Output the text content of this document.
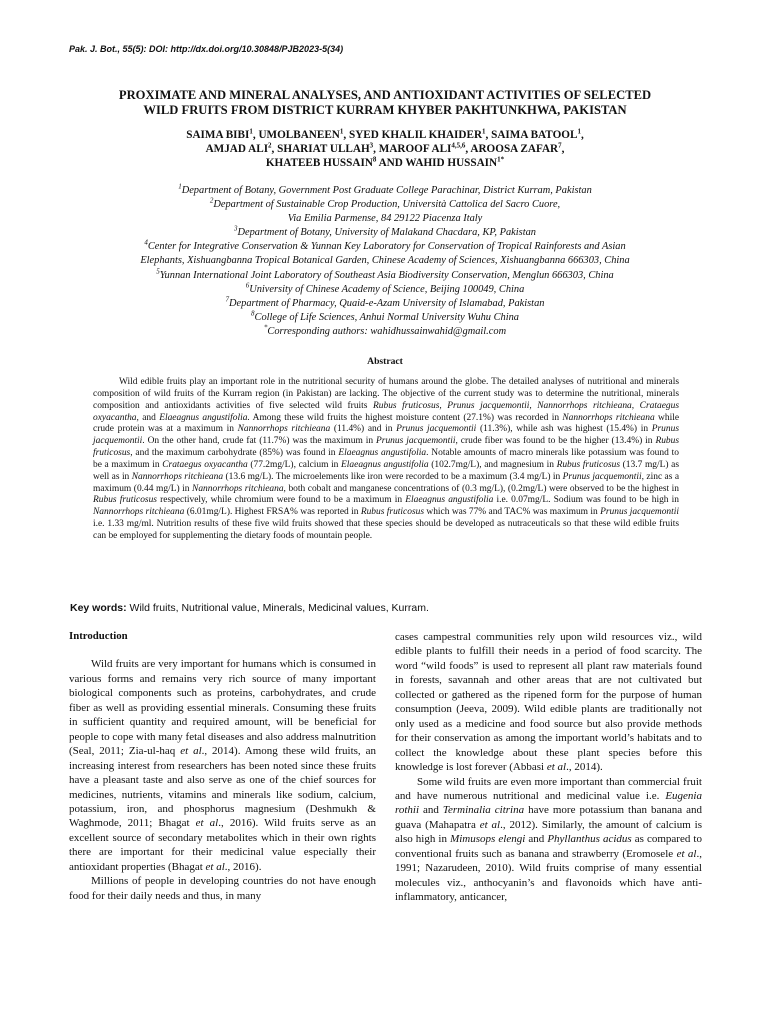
Pak. J. Bot., 55(5): DOI: http://dx.doi.org/10.30848/PJB2023-5(34)
PROXIMATE AND MINERAL ANALYSES, AND ANTIOXIDANT ACTIVITIES OF SELECTED
WILD FRUITS FROM DISTRICT KURRAM KHYBER PAKHTUNKHWA, PAKISTAN
SAIMA BIBI$^1$, UMOLBANEEN$^1$, SYED KHALIL KHAIDER$^1$, SAIMA BATOOL$^1$,
AMJAD ALI$^2$, SHARIAT ULLAH$^3$, MAROOF ALI$^{4,5,6}$, AROOSA ZAFAR$^7$,
KHATEEB HUSSAIN$^8$ AND WAHID $HUSSAIN^{1*}$
$^1$Department of Botany, Government Post Graduate College Parachinar, District Kurram, Pakistan
$^2$Department of Sustainable Crop Production, Università Cattolica del Sacro Cuore,
Via Emilia Parmense, 84 29122 Piacenza Italy
$^3$Department of Botany, University of Malakand Chacdara, KP, Pakistan
$^4$Center for Integrative Conservation & Yunnan Key Laboratory for Conservation of Tropical Rainforests and Asian
Elephants, Xishuangbanna Tropical Botanical Garden, Chinese Academy of Sciences, Xishuangbanna 666303, China
$^5$Yunnan International Joint Laboratory of Southeast Asia Biodiversity Conservation, Menglun 666303, China
$^6$University of Chinese Academy of Science, Beijing 100049, China
$^7$Department of Pharmacy, Quaid-e-Azam University of Islamabad, Pakistan
$^8$College of Life Sciences, Anhui Normal University Wuhu China
*Corresponding authors: wahidhussainwahid@gmail.com
Abstract

Wild edible fruits play an important role in the nutritional security of humans around the globe. The detailed analyses of nutritional and minerals composition of wild fruits of the Kurram region (in Pakistan) are lacking. The objective of the current study was to determine the nutritional, minerals composition and antioxidants activities of five selected wild fruits Rubus fruticosus, Prunus jacquemontii, Nannorrhops ritchieana, Crataegus oxyacantha, and Elaeagnus angustifolia. Among these wild fruits the highest moisture content (27.1%) was recorded in Nannorrhops ritchieana while crude protein was at a maximum in Nannorrhops ritchieana (11.4%) and in Prunus jacquemontii (11.3%), while ash was highest (15.4%) in Prunus jacquemontii. On the other hand, crude fat (11.7%) was the maximum in Prunus jacquemontii, crude fiber was found to be the higher (13.4%) in Rubus fruticosus, and the maximum carbohydrate (85%) was found in Elaeagnus angustifolia. Notable amounts of macro minerals like potassium was found to be a maximum in Crataegus oxyacantha (77.2mg/L), calcium in Elaeagnus angustifolia (102.7mg/L), and magnesium in Rubus fruticosus (13.7 mg/L) as well as in Nannorrhops ritchieana (13.6 mg/L). The microelements like iron were recorded to be a maximum (3.4 mg/L) in Prunus jacquemontii, zinc as a maximum (0.44 mg/L) in Nannorrhops ritchieana, both cobalt and manganese concentrations of (0.3 mg/L), (0.2mg/L) were observed to be the highest in Rubus fruticosus respectively, while chromium were found to be a maximum in Elaeagnus angustifolia i.e. 0.07mg/L. Sodium was found to be high in Nannorrhops ritchieana (6.01mg/L). Highest FRSA% was reported in Rubus fruticosus which was 77% and TAC% was maximum in Prunus jacquemontii i.e. 1.33 mg/ml. Nutrition results of these five wild fruits showed that these species should be developed as nutraceuticals so that these wild edible fruits can be employed for supplementing the dietary foods of mountain people.

Key words: Wild fruits, Nutritional value, Minerals, Medicinal values, Kurram.
Introduction

Wild fruits are very important for humans which is consumed in various forms and remains very rich source of many important biological components such as proteins, carbohydrates, and crude fiber as well as providing essential minerals. Consuming these fruits in sufficient quantity and required amount, will be beneficial for people to cope with many fetal diseases and also address malnutrition (Seal, 2011; Zia-ul-haq et al., 2014). Among these wild fruits, an increasing interest from researchers has been noted since these fruits have a pleasant taste and also serve as one of the chief sources for medicines, nutrients, vitamins and minerals like sodium, calcium, potassium, iron, and phosphorus magnesium (Deshmukh & Waghmode, 2011; Bhagat et al., 2016). Wild fruits serve as an excellent source of secondary metabolites which in their own rights there are important for their medicinal value especially their antioxidant properties (Bhagat et al., 2016).

Millions of people in developing countries do not have enough food for their daily needs and thus, in many

cases campestral communities rely upon wild resources viz., wild edible plants to fulfill their needs in a period of food scarcity. The word “wild foods” is used to represent all plant raw materials found in forests, savannah and other areas that are not cultivated but collected or gathered as the ripened form for the purpose of human consumption (Jeeva, 2009). Wild edible plants are traditionally not only used as a medicine and food source but also provide methods for their conservation as among the important world’s habitats and to collect the knowledge about these plant species before this knowledge is lost forever (Abbasi et al., 2014).

Some wild fruits are even more important than commercial fruit and have numerous nutritional and medicinal value i.e. Eugenia rothii and Terminalia citrina have more potassium than banana and guava (Mahapatra et al., 2012). Similarly, the amount of calcium is also high in Mimusops elengi and Phyllanthus acidus as compared to conventional fruits such as banana and strawberry (Eromosele et al., 1991; Nazarudeen, 2010). Wild fruits comprise of many essential molecules viz., anthocyanin’s and flavonoids which have anti-inflammatory, anticancer,
